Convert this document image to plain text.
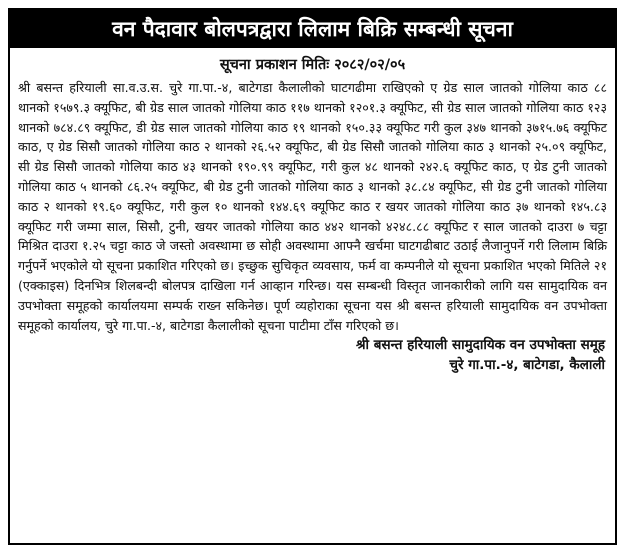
वन पैदावार बोलपत्रद्वारा लिलाम बिक्रि सम्बन्धी सूचना
सूचना प्रकाशन मितिः २०८२/०२/०५
श्री बसन्त हरियाली सा.व.उ.स. चुरे गा.पा.-४, बाटेगडा कैलालीको घाटगढीमा राखिएको ए ग्रेड साल जातको गोलिया काठ ८८ थानको १५७९.३ क्यूफिट, बी ग्रेड साल जातको गोलिया काठ ११७ थानको १२०१.३ क्यूफिट, सी ग्रेड साल जातको गोलिया काठ १२३ थानको ७८४.८९ क्यूफिट, डी ग्रेड साल जातको गोलिया काठ १९ थानको १५०.३३ क्यूफिट गरी कुल ३४७ थानको ३७१५.७६ क्यूफिट काठ, ए ग्रेड सिसौ जातको गोलिया काठ २ थानको २६.५२ क्यूफिट, बी ग्रेड सिसौ जातको गोलिया काठ ३ थानको २५.०९ क्यूफिट, सी ग्रेड सिसौ जातको गोलिया काठ ४३ थानको १९०.९९ क्यूफिट, गरी कुल ४८ थानको २४२.६ क्यूफिट काठ, ए ग्रेड टुनी जातको गोलिया काठ ५ थानको ८६.२५ क्यूफिट, बी ग्रेड टुनी जातको गोलिया काठ ३ थानको ३८.८४ क्यूफिट, सी ग्रेड टुनी जातको गोलिया काठ २ थानको १९.६० क्यूफिट, गरी कुल १० थानको १४४.६९ क्यूफिट काठ र खयर जातको गोलिया काठ ३७ थानको १४५.८३ क्यूफिट गरी जम्मा साल, सिसौ, टुनी, खयर जातको गोलिया काठ ४४२ थानको ४२४८.८८ क्यूफिट र साल जातको दाउरा ७ चट्टा मिश्रित दाउरा १.२५ चट्टा काठ जे जस्तो अवस्थामा छ सोही अवस्थामा आफ्नै खर्चमा घाटगढीबाट उठाई लैजानुपर्ने गरी लिलाम बिक्रि गर्नुपर्ने भएकोले यो सूचना प्रकाशित गरिएको छ। इच्छुक सुचिकृत व्यवसाय, फर्म वा कम्पनीले यो सूचना प्रकाशित भएको मितिले २१ (एक्काइस) दिनभित्र शिलबन्दी बोलपत्र दाखिला गर्न आव्हान गरिन्छ। यस सम्बन्धी विस्तृत जानकारीको लागि यस सामुदायिक वन उपभोक्ता समूहको कार्यालयमा सम्पर्क राख्न सकिनेछ। पूर्ण व्यहोराका सूचना यस श्री बसन्त हरियाली सामुदायिक वन उपभोक्ता समूहको कार्यालय, चुरे गा.पा.-४, बाटेगडा कैलालीको सूचना पाटीमा टाँस गरिएको छ।
श्री बसन्त हरियाली सामुदायिक वन उपभोक्ता समूह
चुरे गा.पा.-४, बाटेगडा, कैलाली
